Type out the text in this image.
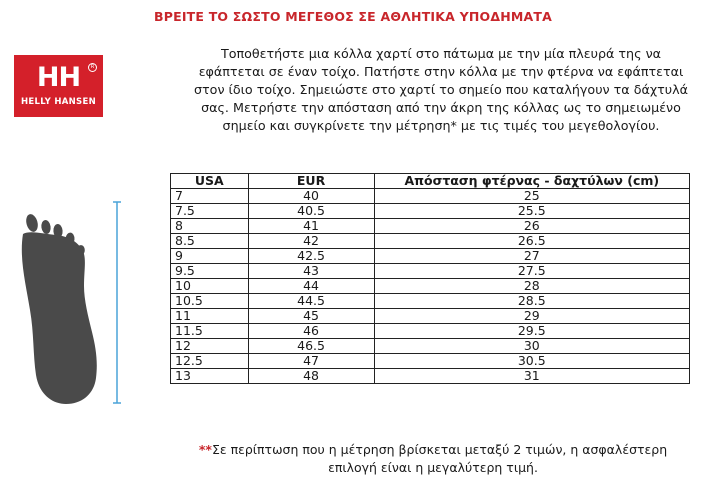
ΒΡΕΙΤΕ ΤΟ ΣΩΣΤΟ ΜΕΓΕΘΟΣ ΣΕ ΑΘΛΗΤΙΚΑ ΥΠΟΔΗΜΑΤΑ
HH	R
HELLY HANSEN
Τοποθετήστε μια κόλλα χαρτί στο πάτωμα με την μία πλευρά της να
εφάπτεται σε έναν τοίχο. Πατήστε στην κόλλα με την φτέρνα να εφάπτεται
στον ίδιο τοίχο. Σημειώστε στο χαρτί το σημείο που καταλήγουν τα δάχτυλά
σας. Μετρήστε την απόσταση από την άκρη της κόλλας ως το σημειωμένο
σημείο και συγκρίνετε την μέτρηση* με τις τιμές του μεγεθολογίου.
USA	EUR	Απόσταση φτέρνας - δαχτύλων (cm)
7	40	25
7.5	40.5	25.5
8	41	26
8.5	42	26.5
9	42.5	27
9.5	43	27.5
10	44	28
10.5	44.5	28.5
11	45	29
11.5	46	29.5
12	46.5	30
12.5	47	30.5
13	48	31
**Σε περίπτωση που η μέτρηση βρίσκεται μεταξύ 2 τιμών, η ασφαλέστερη
επιλογή είναι η μεγαλύτερη τιμή.
